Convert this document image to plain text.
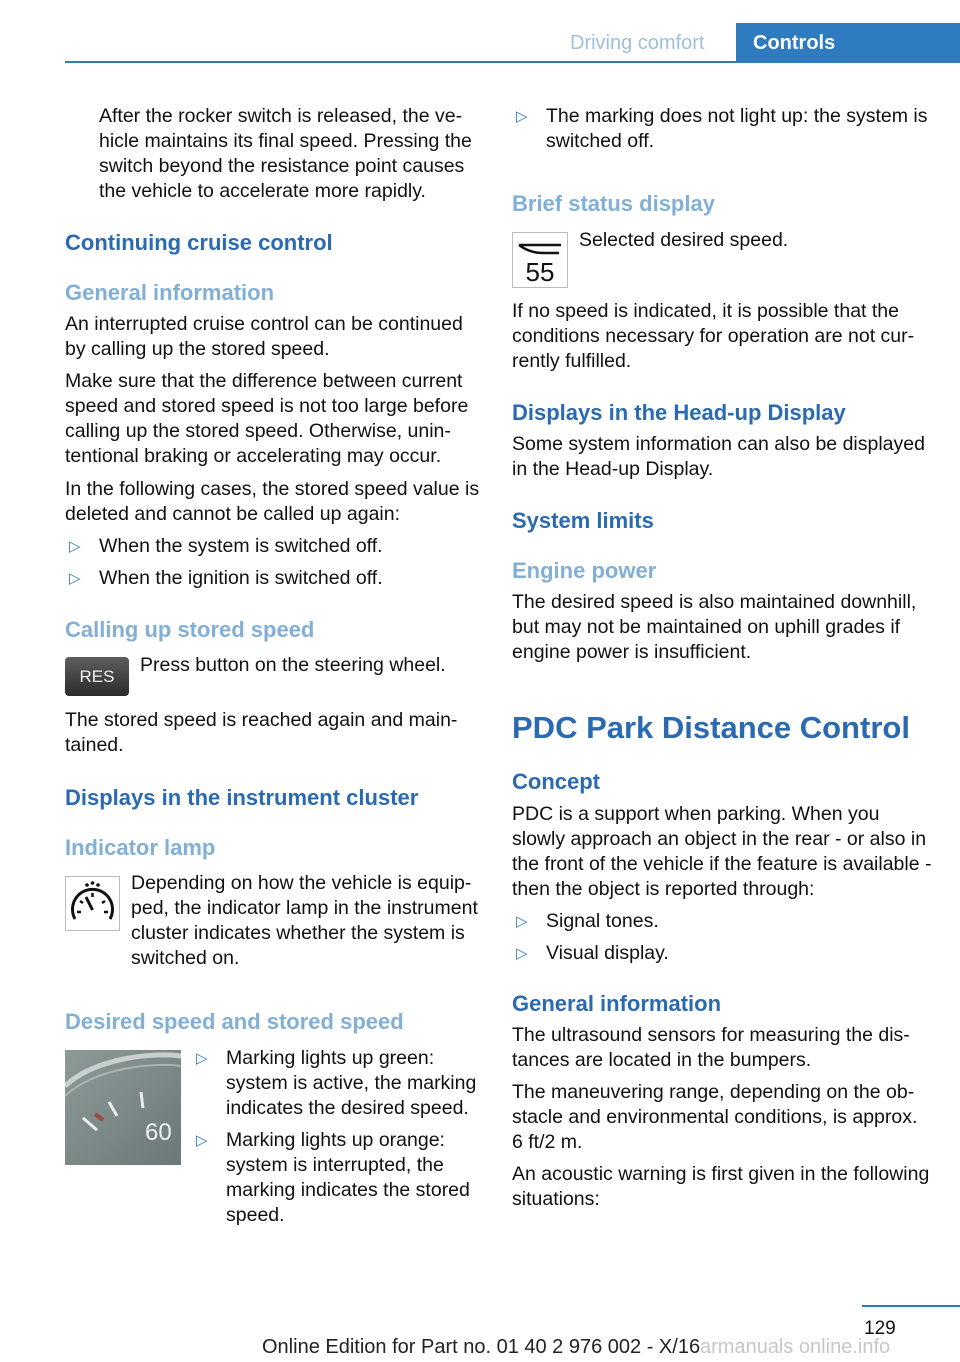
Driving comfort	Controls

After the rocker switch is released, the vehicle maintains its final speed. Pressing the switch beyond the resistance point causes the vehicle to accelerate more rapidly.

Continuing cruise control
General information

An interrupted cruise control can be continued by calling up the stored speed.

Make sure that the difference between current speed and stored speed is not too large before calling up the stored speed. Otherwise, unintentional braking or accelerating may occur.

In the following cases, the stored speed value is deleted and cannot be called up again:

▷ When the system is switched off.
▷ When the ignition is switched off.
Calling up stored speed
RES

Press button on the steering wheel.

The stored speed is reached again and maintained.

Displays in the instrument cluster
Indicator lamp

Depending on how the vehicle is equipped, the indicator lamp in the instrument cluster indicates whether the system is switched on.

Desired speed and stored speed
60
▷ Marking lights up green: system is active, the marking indicates the desired speed.
▷ Marking lights up orange: system is interrupted, the marking indicates the stored speed.
▷ The marking does not light up: the system is switched off.
Brief status display
55

Selected desired speed.

If no speed is indicated, it is possible that the conditions necessary for operation are not currently fulfilled.

Displays in the Head-up Display

Some system information can also be displayed in the Head-up Display.

System limits
Engine power

The desired speed is also maintained downhill, but may not be maintained on uphill grades if engine power is insufficient.

PDC Park Distance Control
Concept

PDC is a support when parking. When you slowly approach an object in the rear - or also in the front of the vehicle if the feature is available - then the object is reported through:

▷ Signal tones.
▷ Visual display.
General information

The ultrasound sensors for measuring the distances are located in the bumpers.

The maneuvering range, depending on the obstacle and environmental conditions, is approx. 6 ft/2 m.

An acoustic warning is first given in the following situations:

129
Online Edition for Part no. 01 40 2 976 002 - X/16 armanuals online.info
